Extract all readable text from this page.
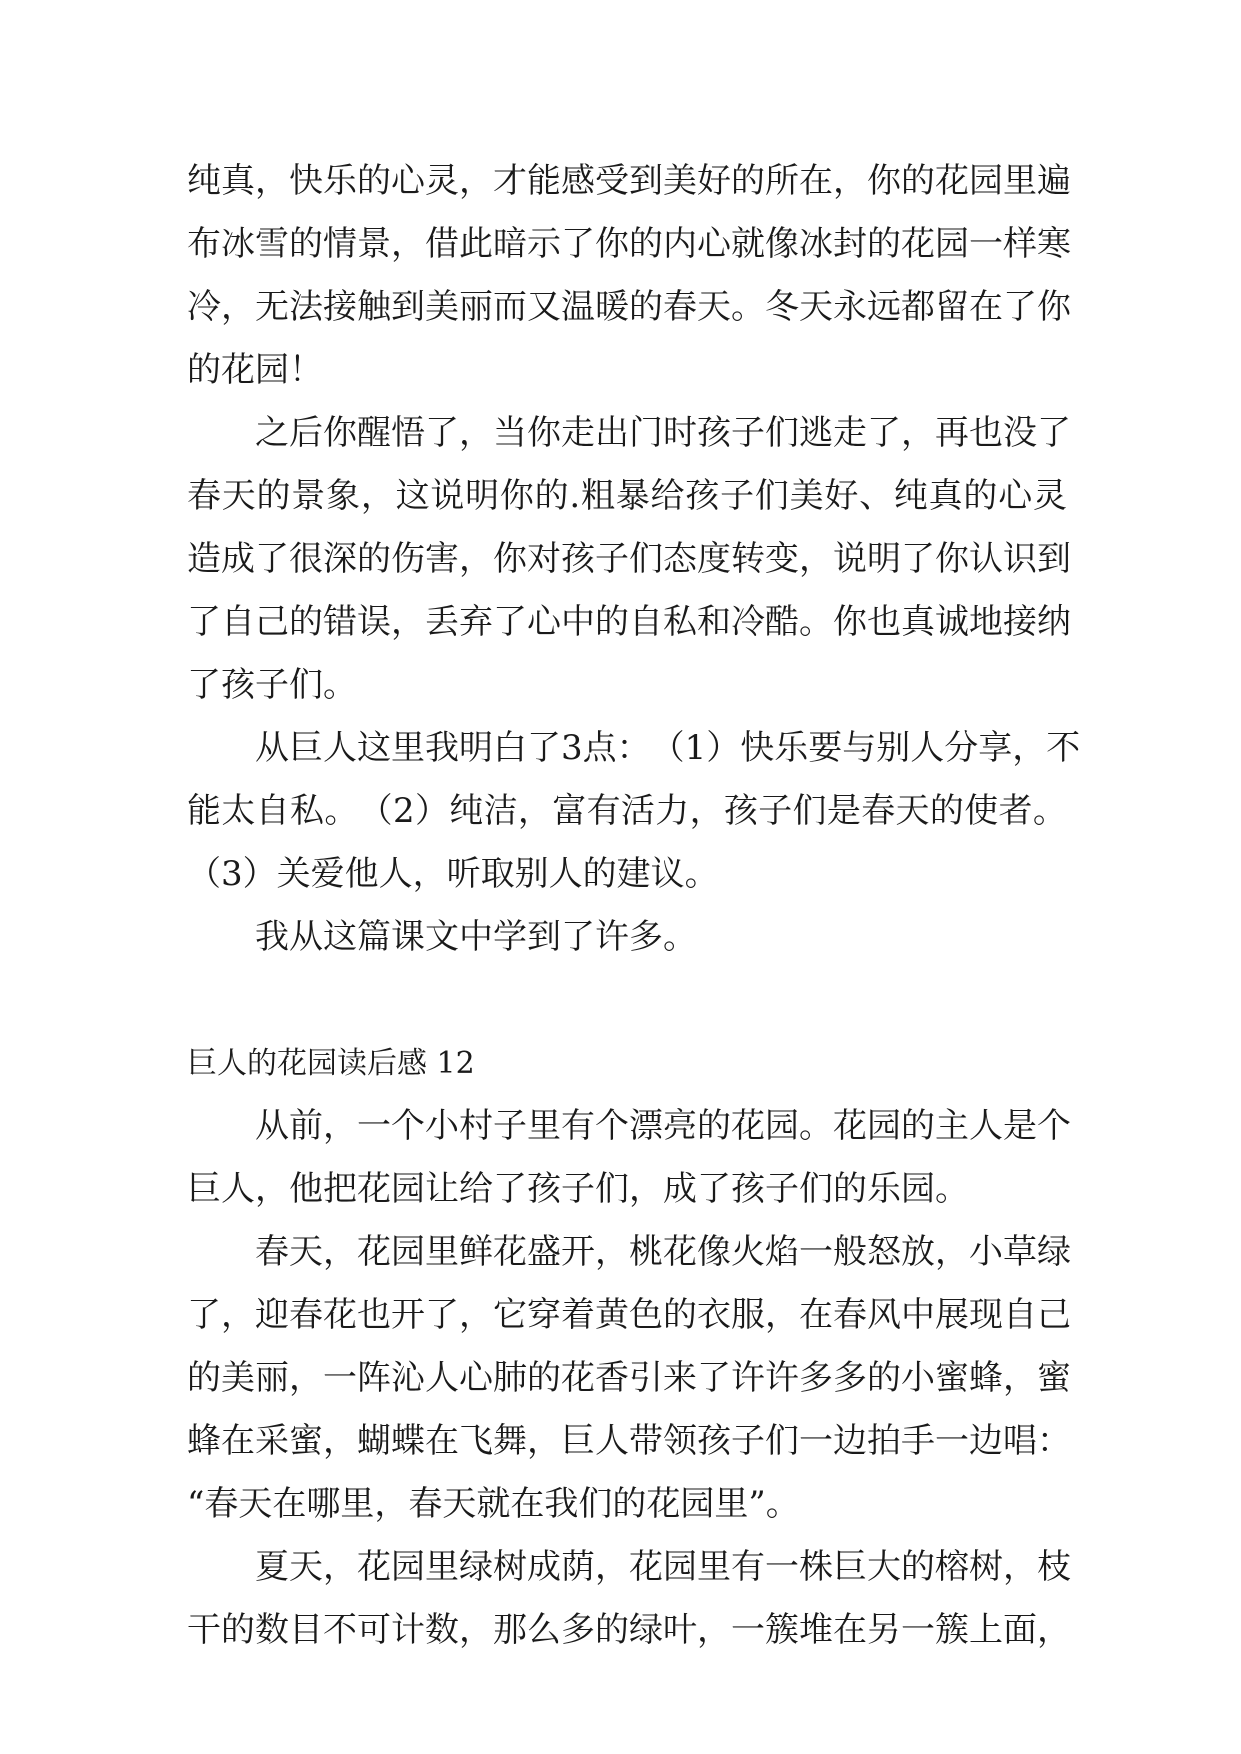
纯 真 ， 快 乐 的 心 灵 ， 才 能 感 受 到 美 好 的 所 在 ， 你 的 花 园 里 遍
布 冰 雪 的 情 景 ， 借 此 暗 示 了 你 的 内 心 就 像 冰 封 的 花 园 一 样 寒
冷 ， 无 法 接 触 到 美 丽 而 又 温 暖 的 春 天 。 冬 天 永 远 都 留 在 了 你
的花园！
之 后 你 醒 悟 了 ， 当 你 走 出 门 时 孩 子 们 逃 走 了 ， 再 也 没 了
春 天 的 景 象 ， 这 说 明 你 的 . 粗 暴 给 孩 子 们 美 好 、 纯 真 的 心 灵
造 成 了 很 深 的 伤 害 ， 你 对 孩 子 们 态 度 转 变 ， 说 明 了 你 认 识 到
了 自 己 的 错 误 ， 丢 弃 了 心 中 的 自 私 和 冷 酷 。 你 也 真 诚 地 接 纳
了孩子们。
从 巨 人 这 里 我 明 白 了 3 点 ： （ 1 ） 快 乐 要 与 别 人 分 享 ， 不
能 太 自 私 。 （ 2 ） 纯 洁 ， 富 有 活 力 ， 孩 子 们 是 春 天 的 使 者 。
（3）关爱他人，听取别人的建议。
我从这篇课文中学到了许多。
巨人的花园读后感 12
从 前 ， 一 个 小 村 子 里 有 个 漂 亮 的 花 园 。 花 园 的 主 人 是 个
巨人，他把花园让给了孩子们，成了孩子们的乐园。
春 天 ， 花 园 里 鲜 花 盛 开 ， 桃 花 像 火 焰 一 般 怒 放 ， 小 草 绿
了 ， 迎 春 花 也 开 了 ， 它 穿 着 黄 色 的 衣 服 ， 在 春 风 中 展 现 自 己
的 美 丽 ， 一 阵 沁 人 心 肺 的 花 香 引 来 了 许 许 多 多 的 小 蜜 蜂 ， 蜜
蜂 在 采 蜜 ， 蝴 蝶 在 飞 舞 ， 巨 人 带 领 孩 子 们 一 边 拍 手 一 边 唱 ：
“春天在哪里，春天就在我们的花园里”。
夏 天 ， 花 园 里 绿 树 成 荫 ， 花 园 里 有 一 株 巨 大 的 榕 树 ， 枝
干 的 数 目 不 可 计 数 ， 那 么 多 的 绿 叶 ， 一 簇 堆 在 另 一 簇 上 面 ，
